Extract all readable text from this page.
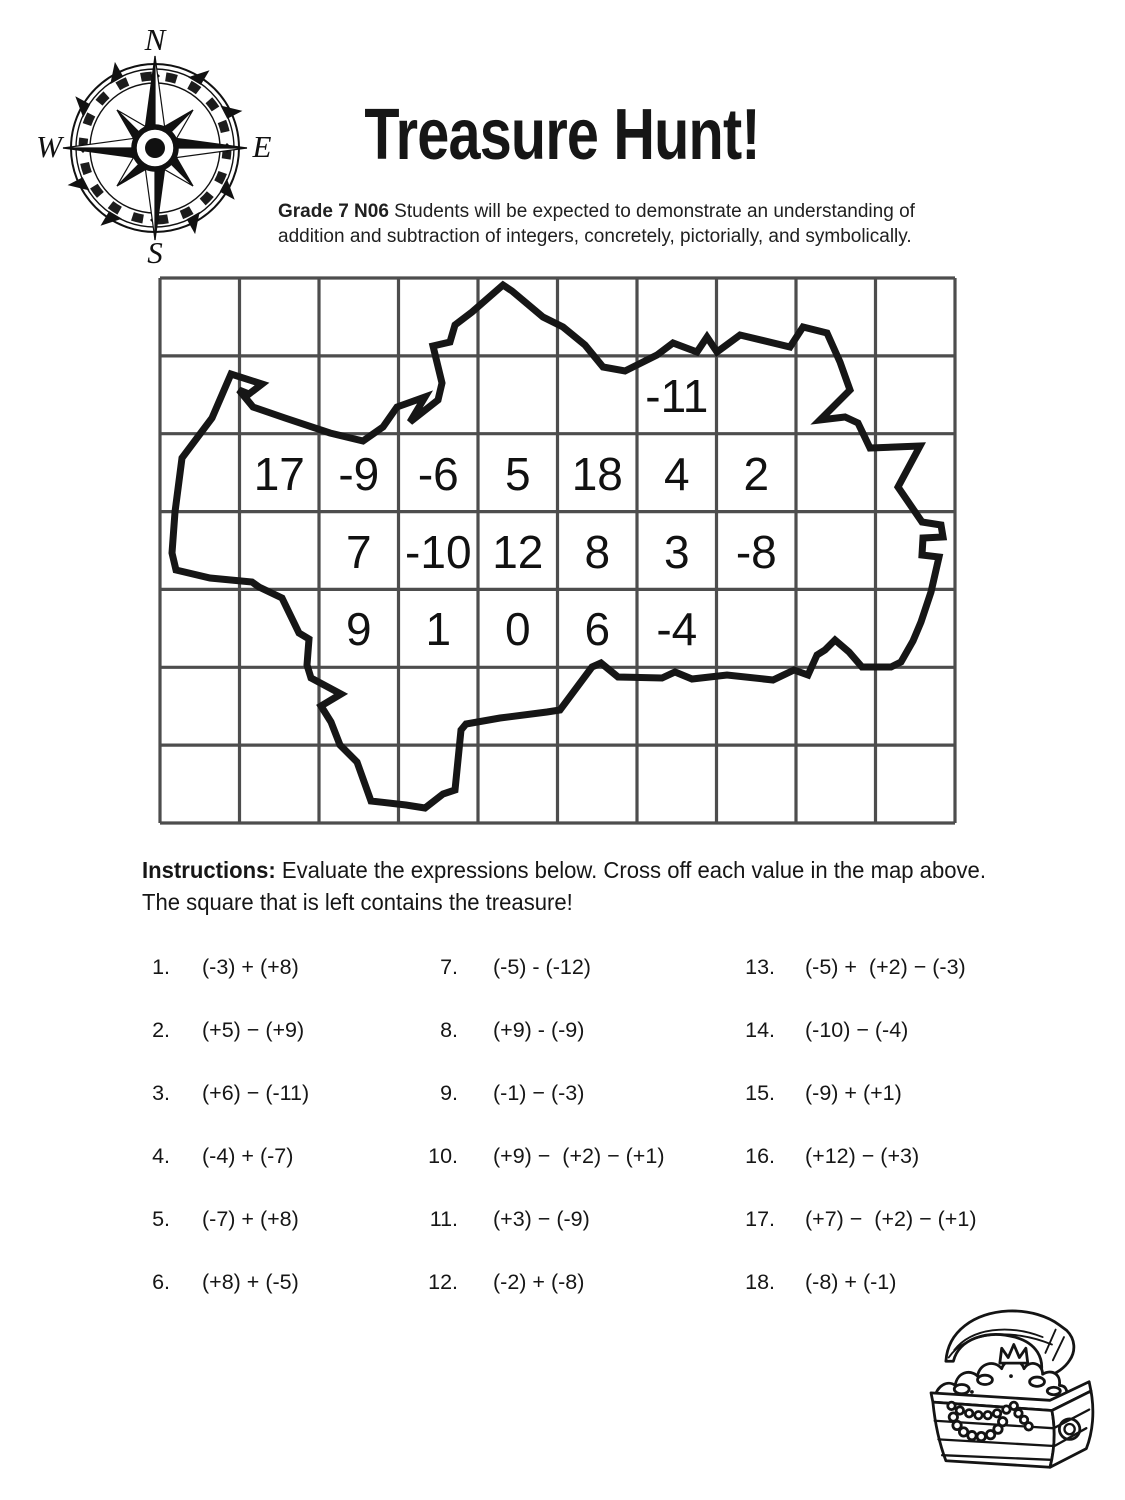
N
E
S
W	Treasure Hunt!
Grade 7 N06 Students will be expected to demonstrate an understanding of addition and subtraction of integers, concretely, pictorially, and symbolically.
-11
17 -9 -6 5 18 4 2
7 -10 12 8 3 -8
9 1 0 6 -4
Instructions: Evaluate the expressions below. Cross off each value in the map above.
The square that is left contains the treasure!
1. (-3) + (+8)
2. (+5) − (+9)
3. (+6) − (-11)
4. (-4) + (-7)
5. (-7) + (+8)
6. (+8) + (-5)
7. (-5) - (-12)
8. (+9) - (-9)
9. (-1) − (-3)
10. (+9) −  (+2) − (+1)
11. (+3) − (-9)
12. (-2) + (-8)
13. (-5) +  (+2) − (-3)
14. (-10) − (-4)
15. (-9) + (+1)
16. (+12) − (+3)
17. (+7) −  (+2) − (+1)
18. (-8) + (-1)
